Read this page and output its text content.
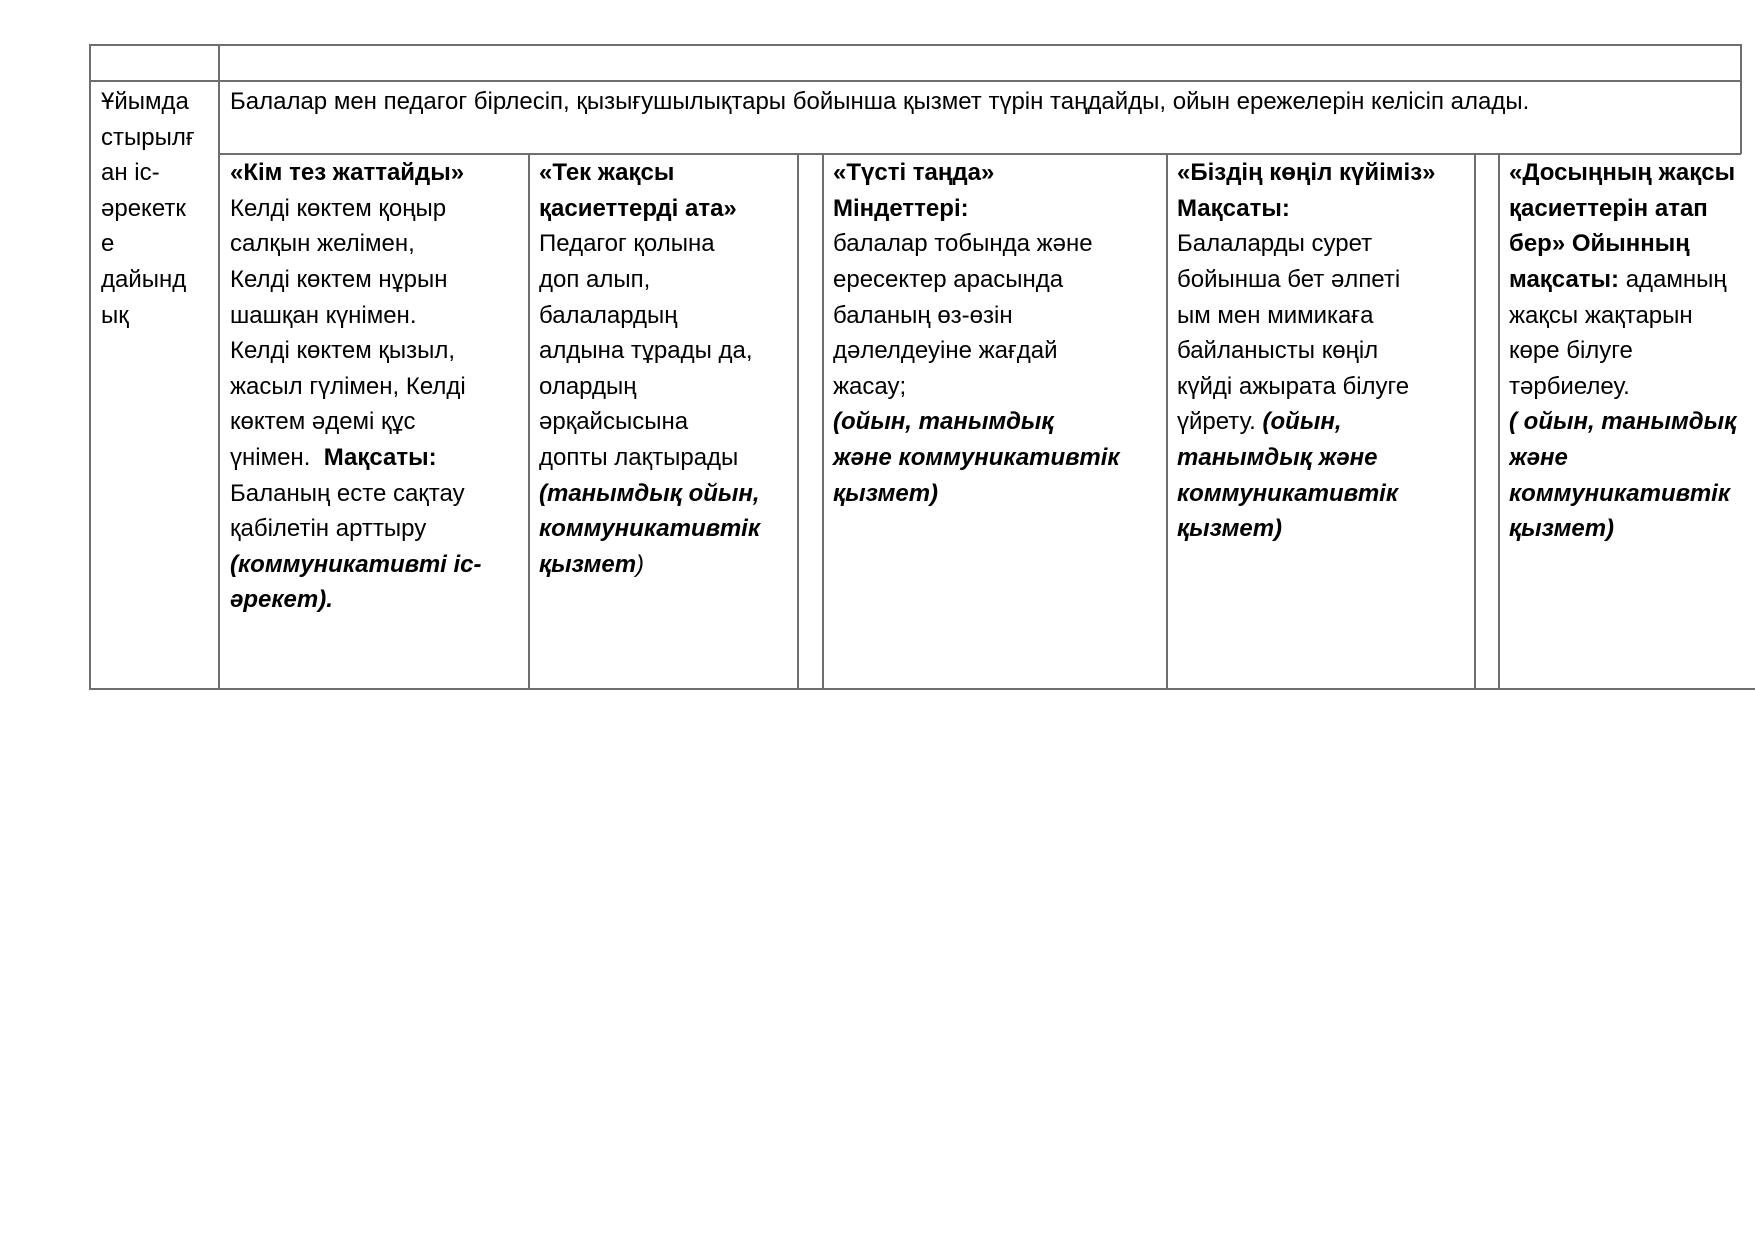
Ұйымда
стырылғ
ан іс-
әрекетк
е
дайынд
ық
Балалар мен педагог бірлесіп, қызығушылықтары бойынша қызмет түрін таңдайды, ойын ережелерін келісіп алады.
«Кім тез жаттайды»
Келді көктем қоңыр
салқын желімен,
Келді көктем нұрын
шашқан күнімен.
Келді көктем қызыл,
жасыл гүлімен, Келді
көктем әдемі құс
үнімен. Мақсаты:
Баланың есте сақтау
қабілетін арттыру
(коммуникативті іс-
әрекет).
«Тек жақсы
қасиеттерді ата»
Педагог қолына
доп алып,
балалардың
алдына тұрады да,
олардың
әрқайсысына
допты лақтырады
(танымдық ойын,
коммуникативтік
қызмет)
«Түсті таңда»
Міндеттері:
балалар тобында және
ересектер арасында
баланың өз-өзін
дәлелдеуіне жағдай
жасау;
(ойын, танымдық
және коммуникативтік
қызмет)
«Біздің көңіл күйіміз»
Мақсаты:
Балаларды сурет
бойынша бет әлпеті
ым мен мимикаға
байланысты көңіл
күйді ажырата білуге
үйрету. (ойын,
танымдық және
коммуникативтік
қызмет)
«Досыңның жақсы
қасиеттерін атап
бер» Ойынның
мақсаты: адамның
жақсы жақтарын
көре білуге
тәрбиелеу.
( ойын, танымдық
және
коммуникативтік
қызмет)
